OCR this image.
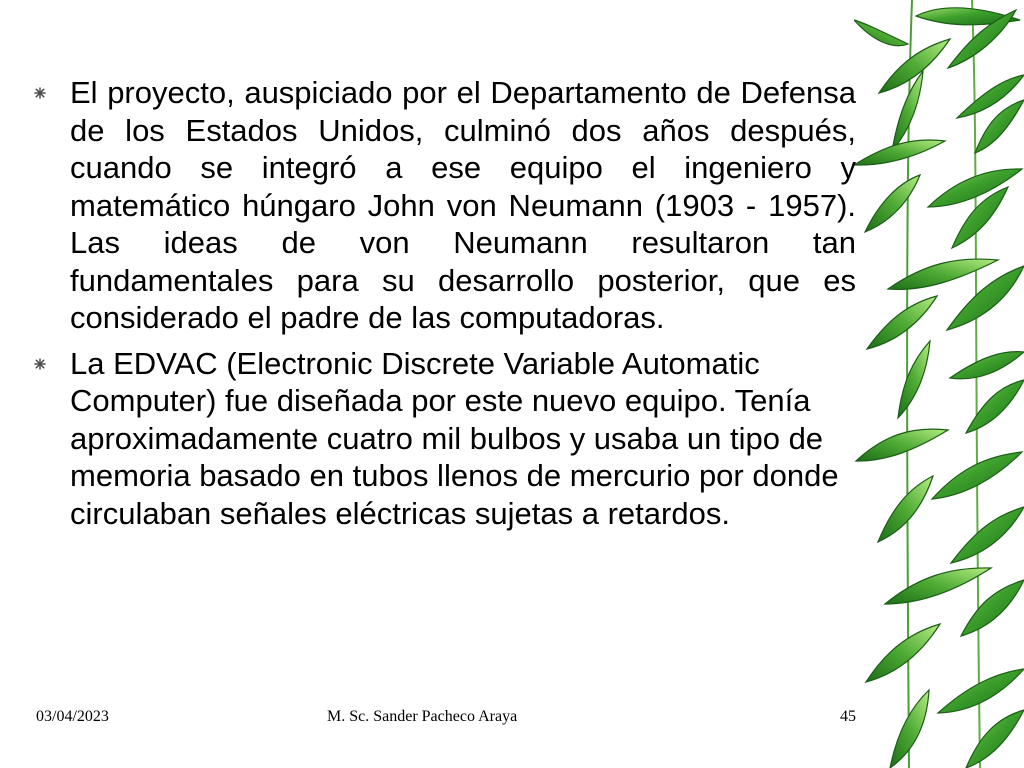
El proyecto, auspiciado por el Departamento de Defensa de los Estados Unidos, culminó dos años después, cuando se integró a ese equipo el ingeniero y matemático húngaro John von Neumann (1903 - 1957). Las ideas de von Neumann resultaron tan fundamentales para su desarrollo posterior, que es considerado el padre de las computadoras.
La EDVAC (Electronic Discrete Variable Automatic Computer) fue diseñada por este nuevo equipo. Tenía aproximadamente cuatro mil bulbos y usaba un tipo de memoria basado en tubos llenos de mercurio por donde circulaban señales eléctricas sujetas a retardos.
03/04/2023	M. Sc. Sander Pacheco Araya	45
